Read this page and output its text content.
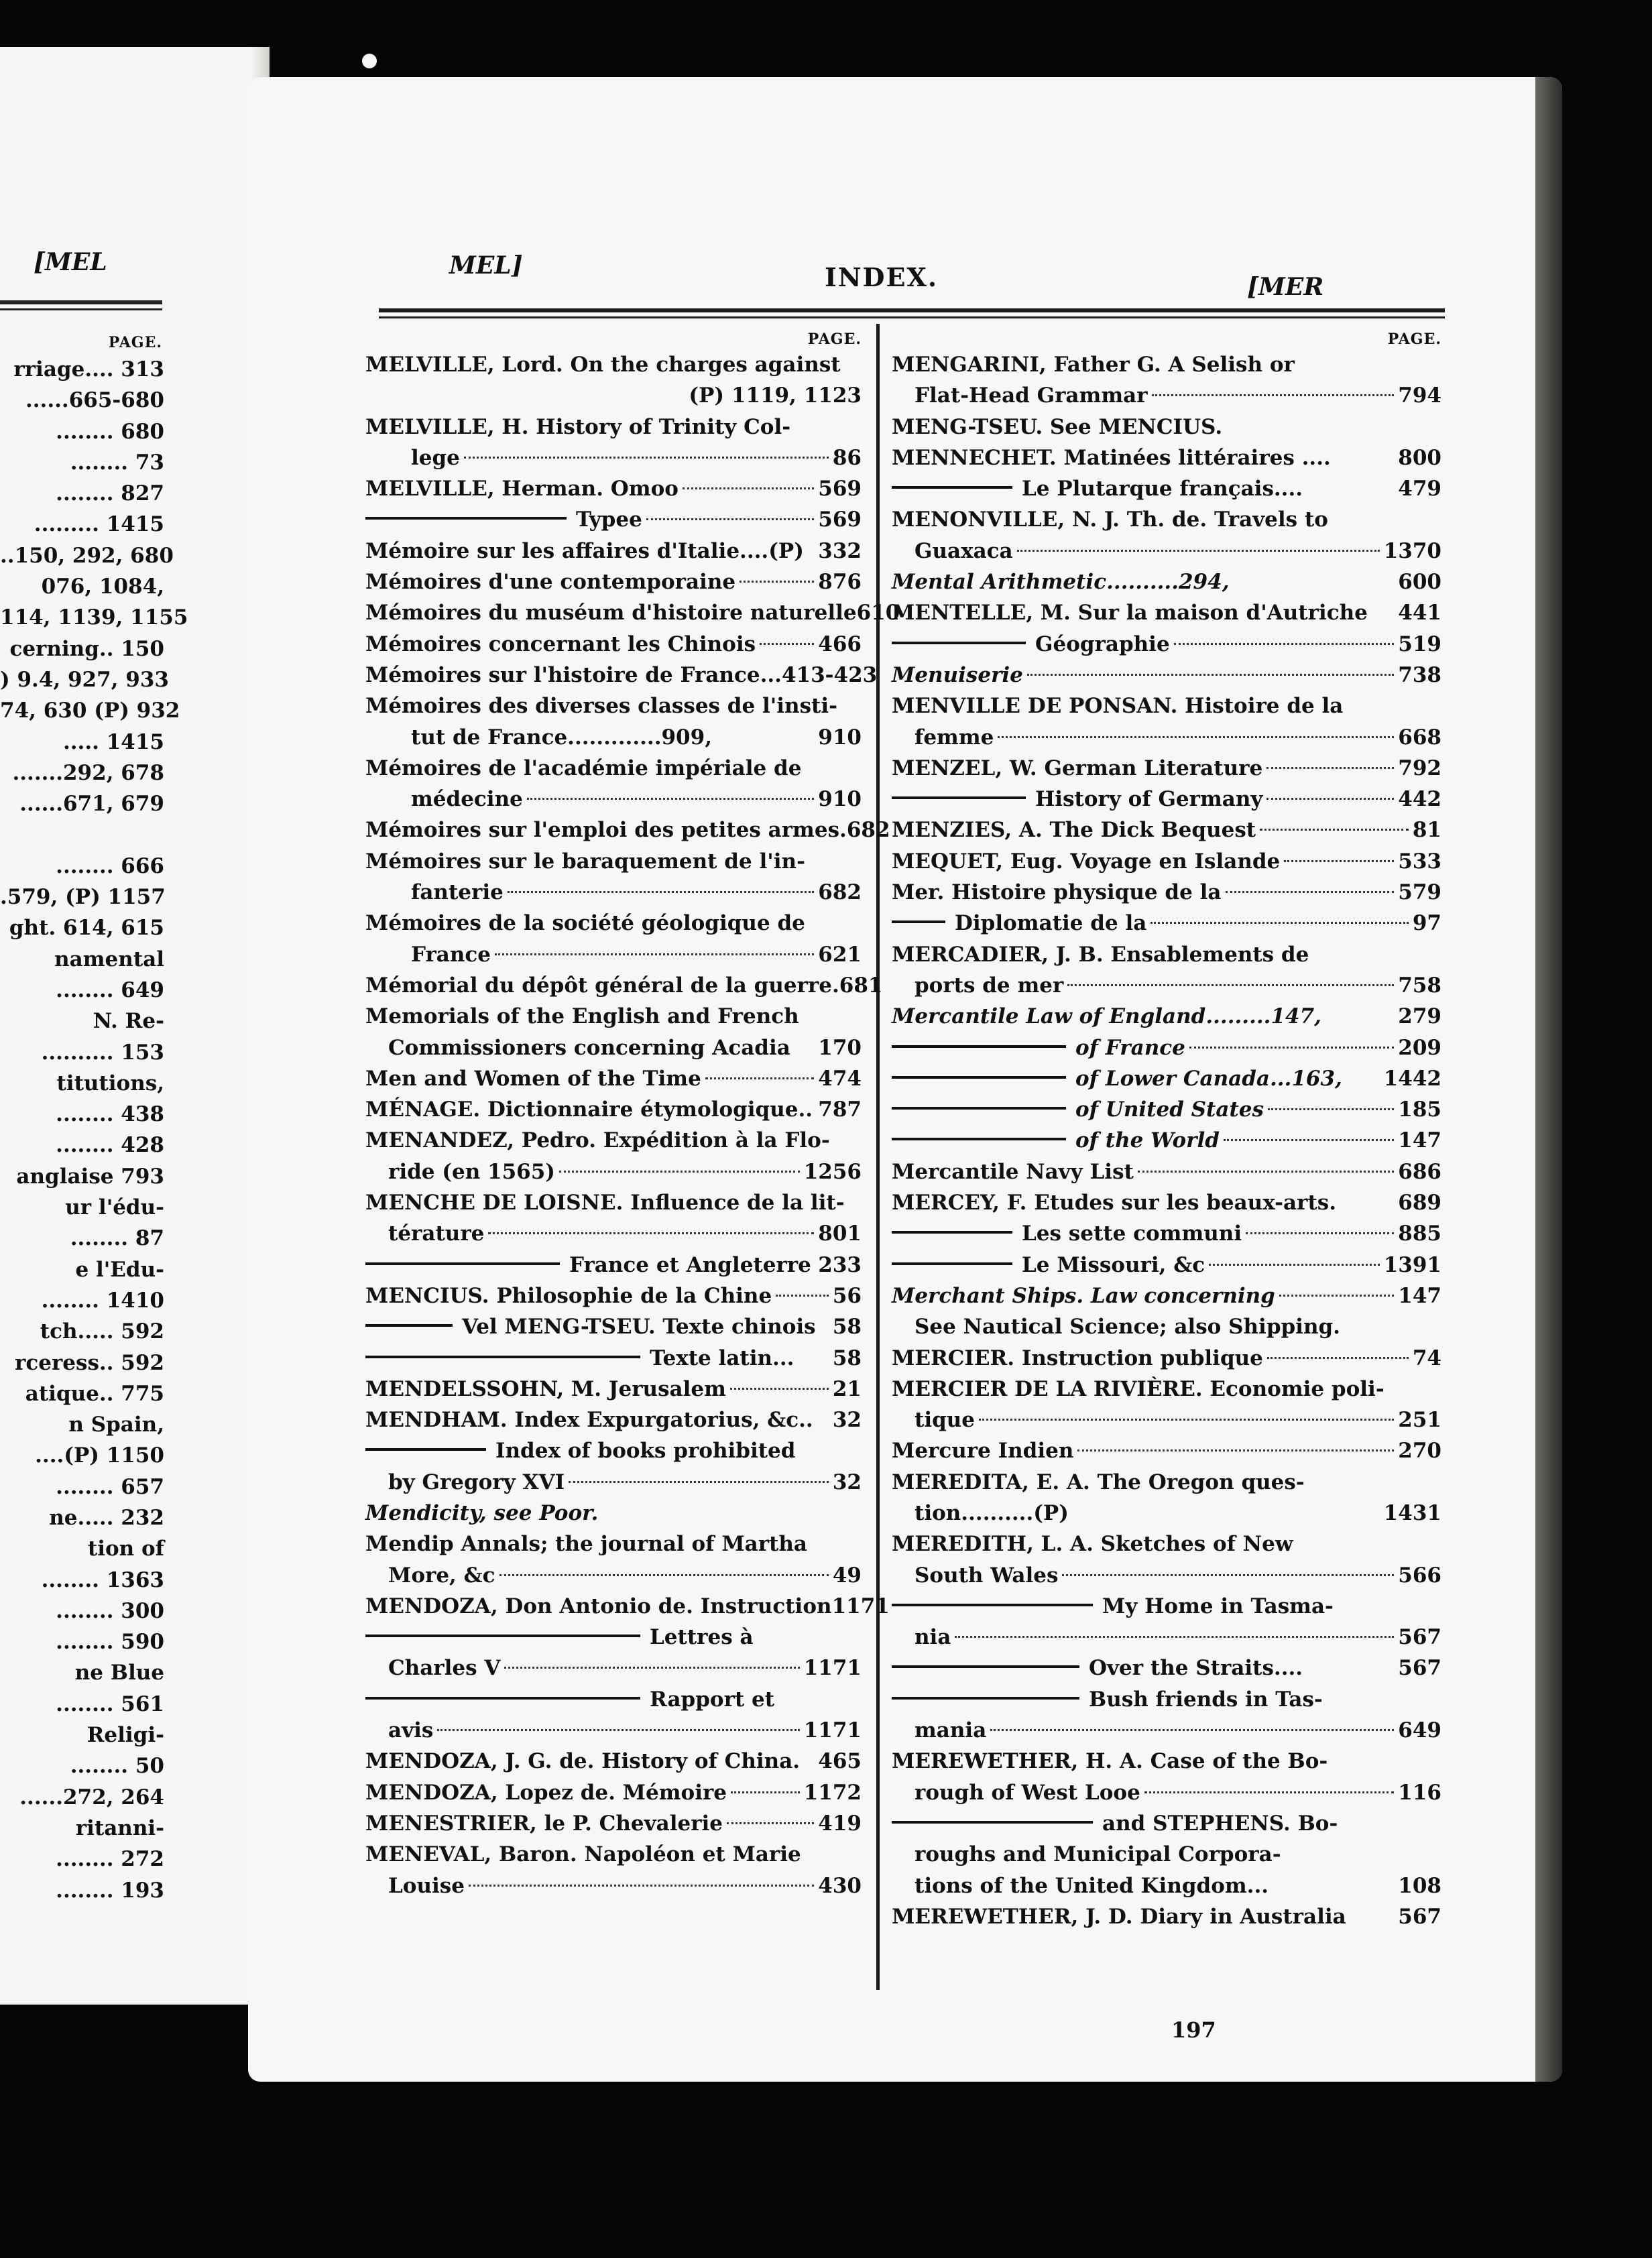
[MEL
PAGE.
rriage.... 313
......665-680
........ 680
........ 73
........ 827
......... 1415
..150, 292, 680
076, 1084,
114, 1139, 1155
cerning.. 150
) 9.4, 927, 933
74, 630 (P) 932
..... 1415
.......292, 678
......671, 679
........ 666
.579, (P) 1157
ght. 614, 615
namental
........ 649
N. Re-
.......... 153
titutions,
........ 438
........ 428
anglaise 793
ur l'édu-
........ 87
e l'Edu-
........ 1410
tch..... 592
rceress.. 592
atique.. 775
n Spain,
....(P) 1150
........ 657
ne..... 232
tion of
........ 1363
........ 300
........ 590
ne Blue
........ 561
Religi-
........ 50
......272, 264
ritanni-
........ 272
........ 193
MEL]	INDEX.	[MER
PAGE.
MELVILLE, Lord. On the charges against
(P) 1119, 1123
MELVILLE, H. History of Trinity Col-
lege	86
MELVILLE, Herman. Omoo	569
Typee	569
Mémoire sur les affaires d'Italie....(P) 332
Mémoires d'une contemporaine	876
Mémoires du muséum d'histoire naturelle 610
Mémoires concernant les Chinois	466
Mémoires sur l'histoire de France...413- 423
Mémoires des diverses classes de l'insti-
tut de France.............909,	910
Mémoires de l'académie impériale de
médecine	910
Mémoires sur l'emploi des petites armes. 682
Mémoires sur le baraquement de l'in-
fanterie	682
Mémoires de la société géologique de
France	621
Mémorial du dépôt général de la guerre. 681
Memorials of the English and French
Commissioners concerning Acadia 170
Men and Women of the Time	474
MÉNAGE. Dictionnaire étymologique.. 787
MENANDEZ, Pedro. Expédition à la Flo-
ride (en 1565)	1256
MENCHE DE LOISNE. Influence de la lit-
térature	801
France et Angleterre 233
MENCIUS. Philosophie de la Chine	56
Vel MENG-TSEU. Texte chinois 58
Texte latin... 58
MENDELSSOHN, M. Jerusalem	21
MENDHAM. Index Expurgatorius, &c.. 32
Index of books prohibited
by Gregory XVI	32
Mendicity, see Poor.
Mendip Annals; the journal of Martha
More, &c	49
MENDOZA, Don Antonio de. Instruction 1171
Lettres à
Charles V	1171
Rapport et
avis	1171
MENDOZA, J. G. de. History of China. 465
MENDOZA, Lopez de. Mémoire	1172
MENESTRIER, le P. Chevalerie	419
MENEVAL, Baron. Napoléon et Marie
Louise	430
PAGE.
MENGARINI, Father G. A Selish or
Flat-Head Grammar	794
MENG-TSEU. See MENCIUS.
MENNECHET. Matinées littéraires ....	800
Le Plutarque français....	479
MENONVILLE, N. J. Th. de. Travels to
Guaxaca	1370
Mental Arithmetic..........294,	600
MENTELLE, M. Sur la maison d'Autriche 441
Géographie	519
Menuiserie	738
MENVILLE DE PONSAN. Histoire de la
femme	668
MENZEL, W. German Literature	792
History of Germany	442
MENZIES, A. The Dick Bequest	81
MEQUET, Eug. Voyage en Islande	533
Mer. Histoire physique de la	579
Diplomatie de la	97
MERCADIER, J. B. Ensablements de
ports de mer	758
Mercantile Law of England.........147,	279
of France	209
of Lower Canada...163, 1442
of United States	185
of the World	147
Mercantile Navy List	686
MERCEY, F. Etudes sur les beaux-arts.	689
Les sette communi	885
Le Missouri, &c	1391
Merchant Ships. Law concerning	147
See Nautical Science; also Shipping.
MERCIER. Instruction publique	74
MERCIER DE LA RIVIÈRE. Economie poli-
tique	251
Mercure Indien	270
MEREDITA, E. A. The Oregon ques-
tion..........(P)	1431
MEREDITH, L. A. Sketches of New
South Wales	566
My Home in Tasma-
nia	567
Over the Straits....	567
Bush friends in Tas-
mania	649
MEREWETHER, H. A. Case of the Bo-
rough of West Looe	116
and STEPHENS. Bo-
roughs and Municipal Corpora-
tions of the United Kingdom...	108
MEREWETHER, J. D. Diary in Australia	567
197
